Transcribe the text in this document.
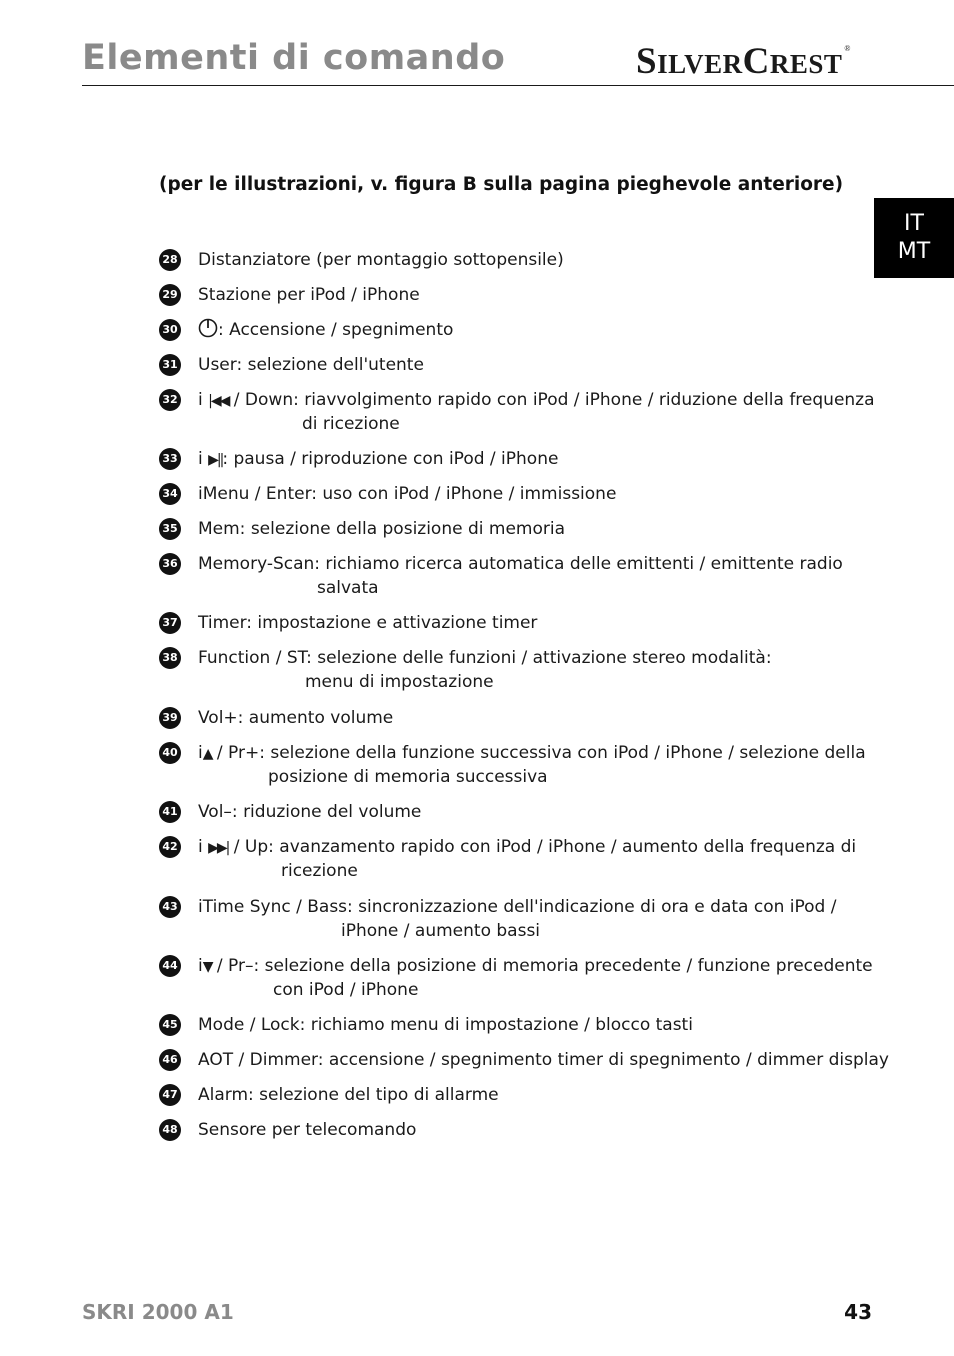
Elementi di comando	SILVERCREST®
IT
MT

(per le illustrazioni, v. figura B sulla pagina pieghevole anteriore)

28 Distanziatore (per montaggio sottopensile)
29 Stazione per iPod / iPhone
30	: Accensione / spegnimento
31 User: selezione dell'utente
32 i |◀◀ / Down: riavvolgimento rapido con iPod / iPhone / riduzione della frequenza
di ricezione
33 i ▶||: pausa / riproduzione con iPod / iPhone
34 iMenu / Enter: uso con iPod / iPhone / immissione
35 Mem: selezione della posizione di memoria
36 Memory-Scan: richiamo ricerca automatica delle emittenti / emittente radio
salvata
37 Timer: impostazione e attivazione timer
38 Function / ST: selezione delle funzioni / attivazione stereo modalità:
menu di impostazione
39 Vol+: aumento volume
40 i▲ / Pr+: selezione della funzione successiva con iPod / iPhone / selezione della
posizione di memoria successiva
41 Vol–: riduzione del volume
42 i ▶▶| / Up: avanzamento rapido con iPod / iPhone / aumento della frequenza di
ricezione
43 iTime Sync / Bass: sincronizzazione dell'indicazione di ora e data con iPod /
iPhone / aumento bassi
44 i▼ / Pr–: selezione della posizione di memoria precedente / funzione precedente
con iPod / iPhone
45 Mode / Lock: richiamo menu di impostazione / blocco tasti
46 AOT / Dimmer: accensione / spegnimento timer di spegnimento / dimmer display
47 Alarm: selezione del tipo di allarme
48 Sensore per telecomando
SKRI 2000 A1	43
